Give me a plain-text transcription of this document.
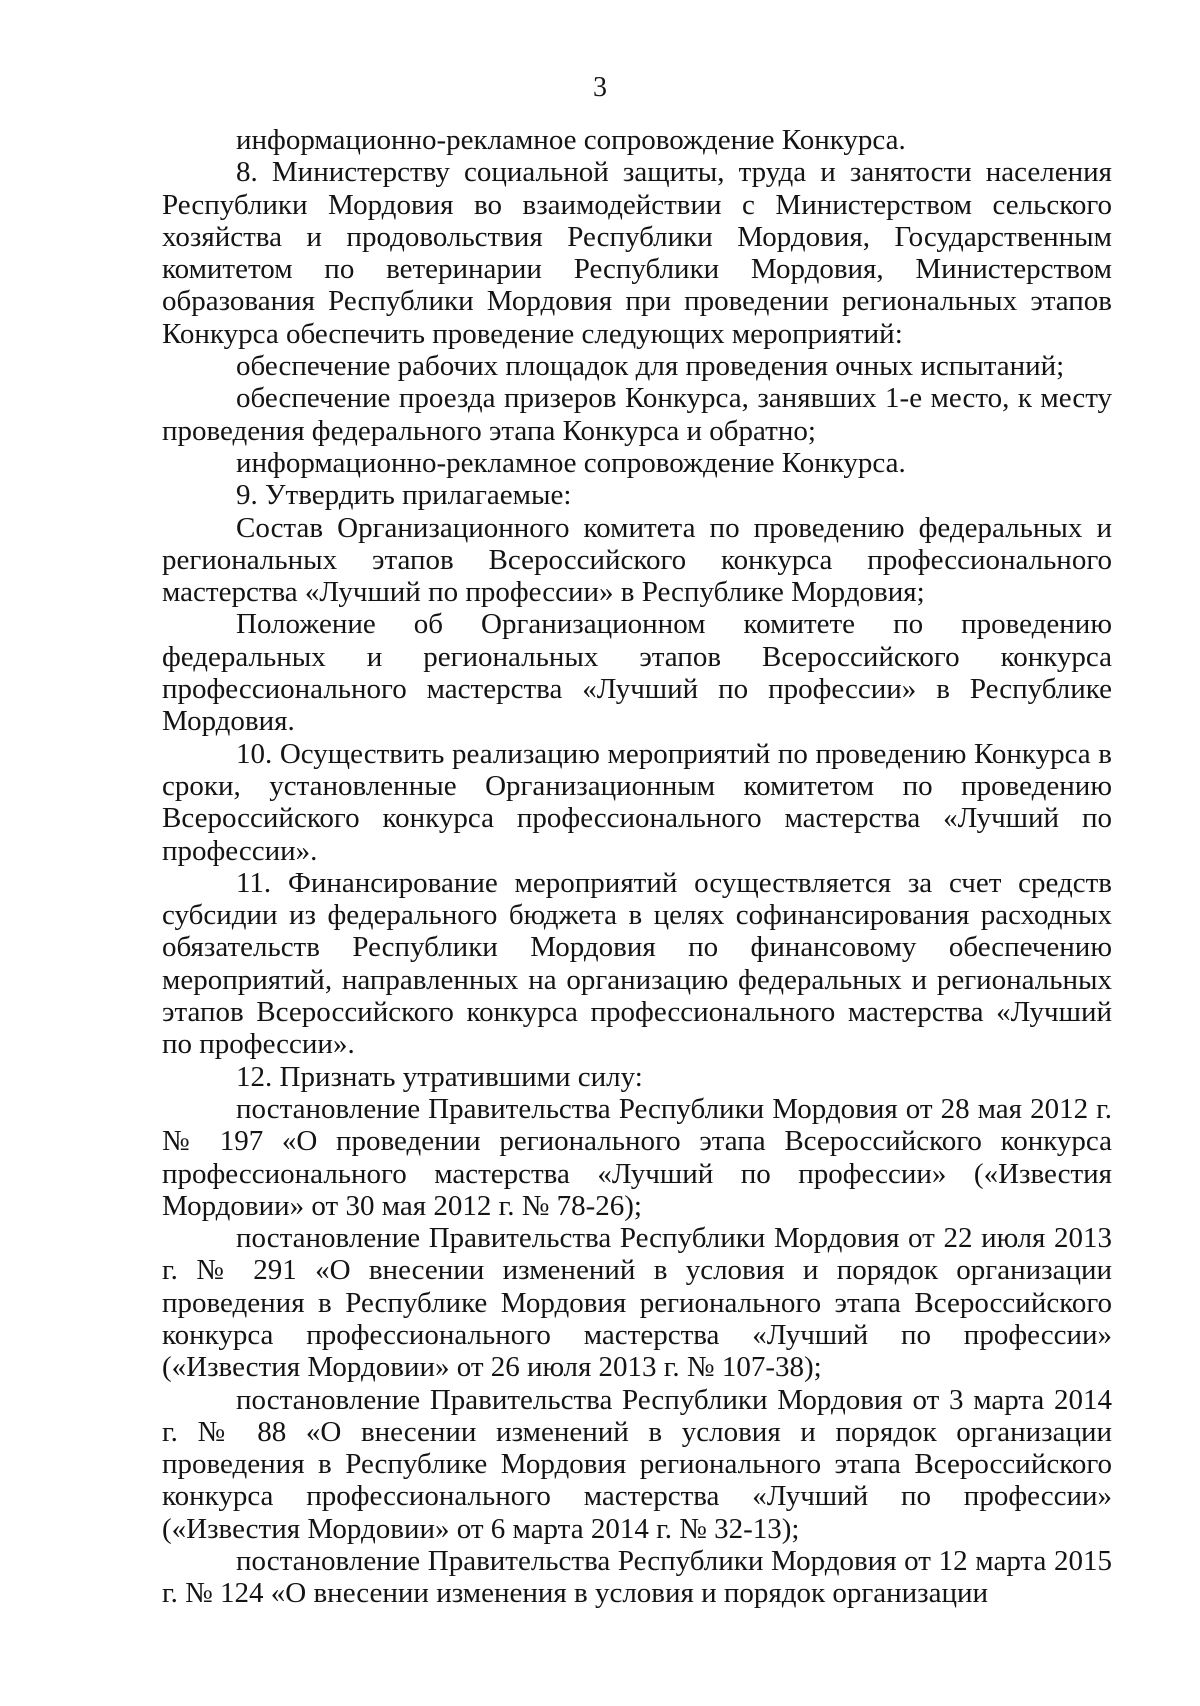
3

информационно-рекламное сопровождение Конкурса.

8. Министерству социальной защиты, труда и занятости населения Республики Мордовия во взаимодействии с Министерством сельского хозяйства и продовольствия Республики Мордовия, Государственным комитетом по ветеринарии Республики Мордовия, Министерством образования Республики Мордовия при проведении региональных этапов Конкурса обеспечить проведение следующих мероприятий:

обеспечение рабочих площадок для проведения очных испытаний;

обеспечение проезда призеров Конкурса, занявших 1-е место, к месту проведения федерального этапа Конкурса и обратно;

информационно-рекламное сопровождение Конкурса.

9. Утвердить прилагаемые:

Состав Организационного комитета по проведению федеральных и региональных этапов Всероссийского конкурса профессионального мастерства «Лучший по профессии» в Республике Мордовия;

Положение об Организационном комитете по проведению федеральных и региональных этапов Всероссийского конкурса профессионального мастерства «Лучший по профессии» в Республике Мордовия.

10. Осуществить реализацию мероприятий по проведению Конкурса в сроки, установленные Организационным комитетом по проведению Всероссийского конкурса профессионального мастерства «Лучший по профессии».

11. Финансирование мероприятий осуществляется за счет средств субсидии из федерального бюджета в целях софинансирования расходных обязательств Республики Мордовия по финансовому обеспечению мероприятий, направленных на организацию федеральных и региональных этапов Всероссийского конкурса профессионального мастерства «Лучший по профессии».

12. Признать утратившими силу:

постановление Правительства Республики Мордовия от 28 мая 2012 г. № 197 «О проведении регионального этапа Всероссийского конкурса профессионального мастерства «Лучший по профессии» («Известия Мордовии» от 30 мая 2012 г. № 78-26);

постановление Правительства Республики Мордовия от 22 июля 2013 г. № 291 «О внесении изменений в условия и порядок организации проведения в Республике Мордовия регионального этапа Всероссийского конкурса профессионального мастерства «Лучший по профессии» («Известия Мордовии» от 26 июля 2013 г. № 107-38);

постановление Правительства Республики Мордовия от 3 марта 2014 г. № 88 «О внесении изменений в условия и порядок организации проведения в Республике Мордовия регионального этапа Всероссийского конкурса профессионального мастерства «Лучший по профессии» («Известия Мордовии» от 6 марта 2014 г. № 32-13);

постановление Правительства Республики Мордовия от 12 марта 2015 г. № 124 «О внесении изменения в условия и порядок организации
